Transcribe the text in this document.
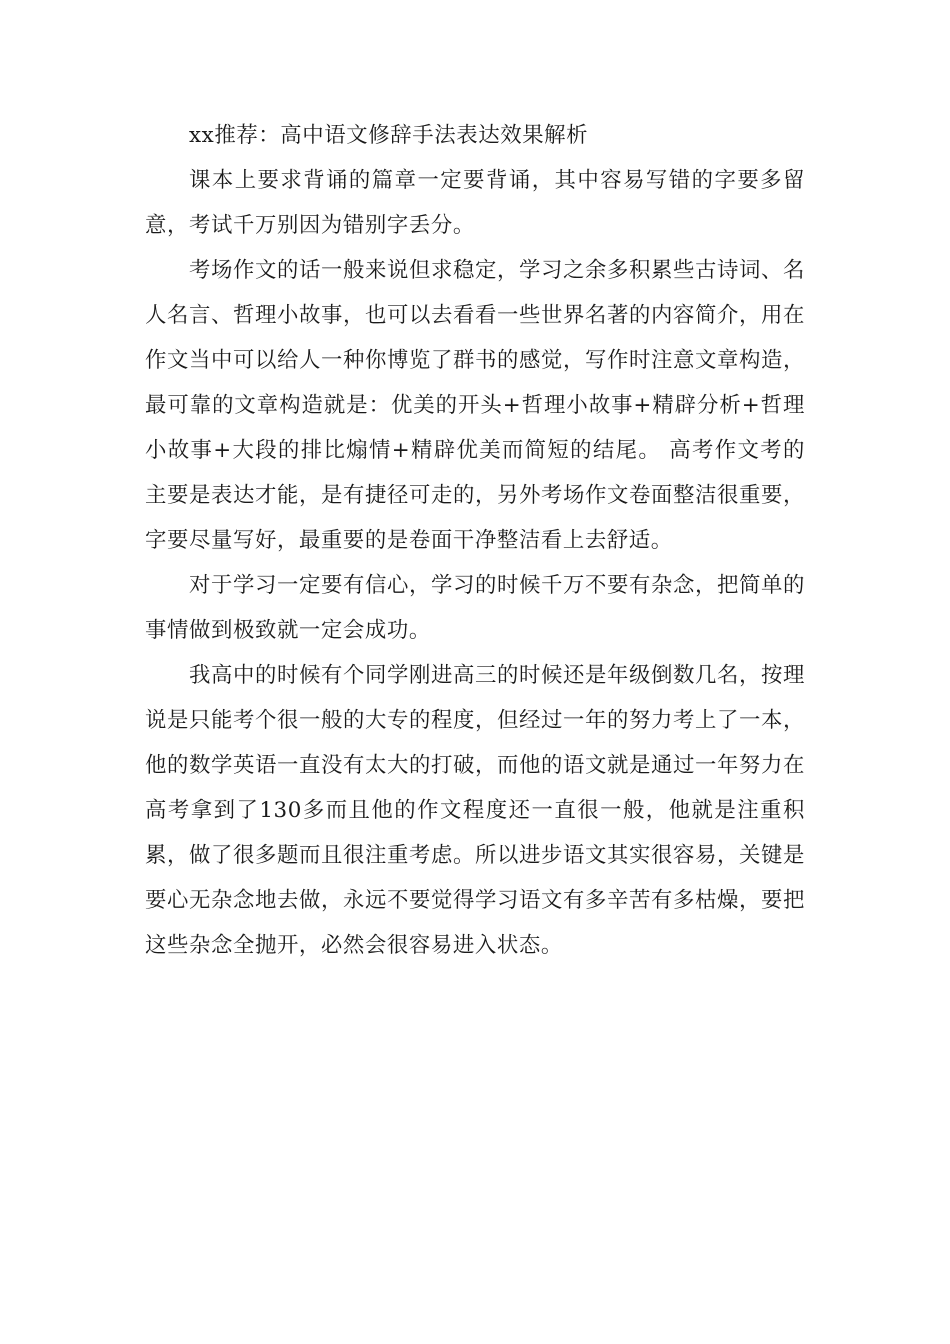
xx推荐：高中语文修辞手法表达效果解析

课本上要求背诵的篇章一定要背诵，其中容易写错的字要多留意，考试千万别因为错别字丢分。

考场作文的话一般来说但求稳定，学习之余多积累些古诗词、名人名言、哲理小故事，也可以去看看一些世界名著的内容简介，用在作文当中可以给人一种你博览了群书的感觉，写作时注意文章构造，最可靠的文章构造就是：优美的开头+哲理小故事+精辟分析+哲理小故事+大段的排比煽情+精辟优美而简短的结尾。 高考作文考的主要是表达才能，是有捷径可走的，另外考场作文卷面整洁很重要，字要尽量写好，最重要的是卷面干净整洁看上去舒适。

对于学习一定要有信心，学习的时候千万不要有杂念，把简单的事情做到极致就一定会成功。

我高中的时候有个同学刚进高三的时候还是年级倒数几名，按理说是只能考个很一般的大专的程度，但经过一年的努力考上了一本，他的数学英语一直没有太大的打破，而他的语文就是通过一年努力在高考拿到了130多而且他的作文程度还一直很一般，他就是注重积累，做了很多题而且很注重考虑。所以进步语文其实很容易，关键是要心无杂念地去做，永远不要觉得学习语文有多辛苦有多枯燥，要把这些杂念全抛开，必然会很容易进入状态。
